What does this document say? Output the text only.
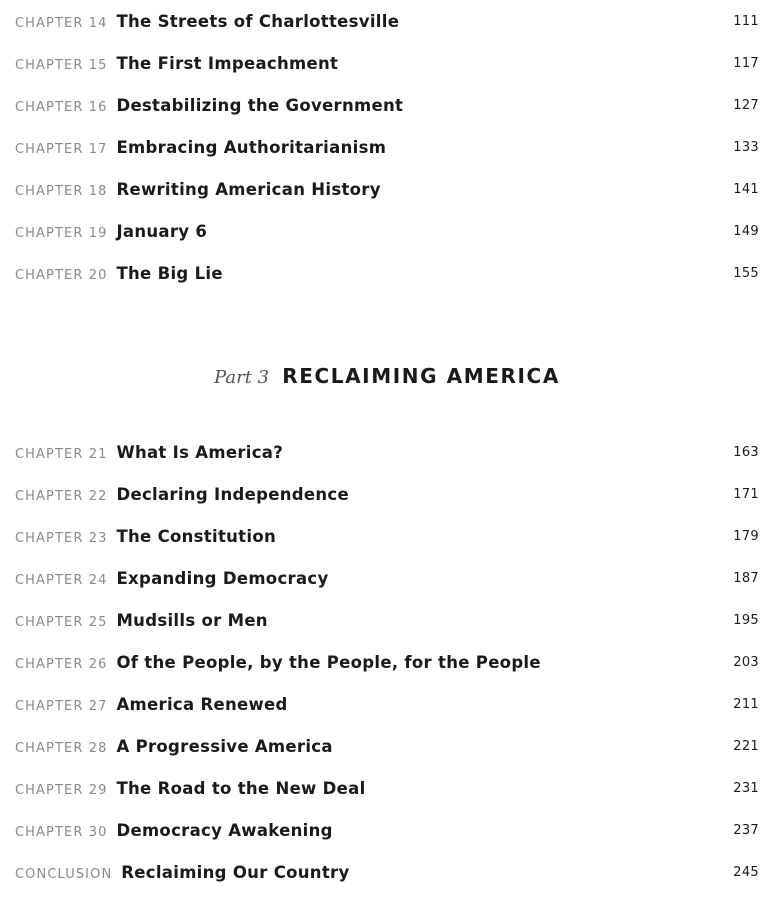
CHAPTER 14 The Streets of Charlottesville	111
CHAPTER 15 The First Impeachment	117
CHAPTER 16 Destabilizing the Government	127
CHAPTER 17 Embracing Authoritarianism	133
CHAPTER 18 Rewriting American History	141
CHAPTER 19 January 6	149
CHAPTER 20 The Big Lie	155
Part 3 RECLAIMING AMERICA
CHAPTER 21 What Is America?	163
CHAPTER 22 Declaring Independence	171
CHAPTER 23 The Constitution	179
CHAPTER 24 Expanding Democracy	187
CHAPTER 25 Mudsills or Men	195
CHAPTER 26 Of the People, by the People, for the People	203
CHAPTER 27 America Renewed	211
CHAPTER 28 A Progressive America	221
CHAPTER 29 The Road to the New Deal	231
CHAPTER 30 Democracy Awakening	237
CONCLUSION Reclaiming Our Country	245
